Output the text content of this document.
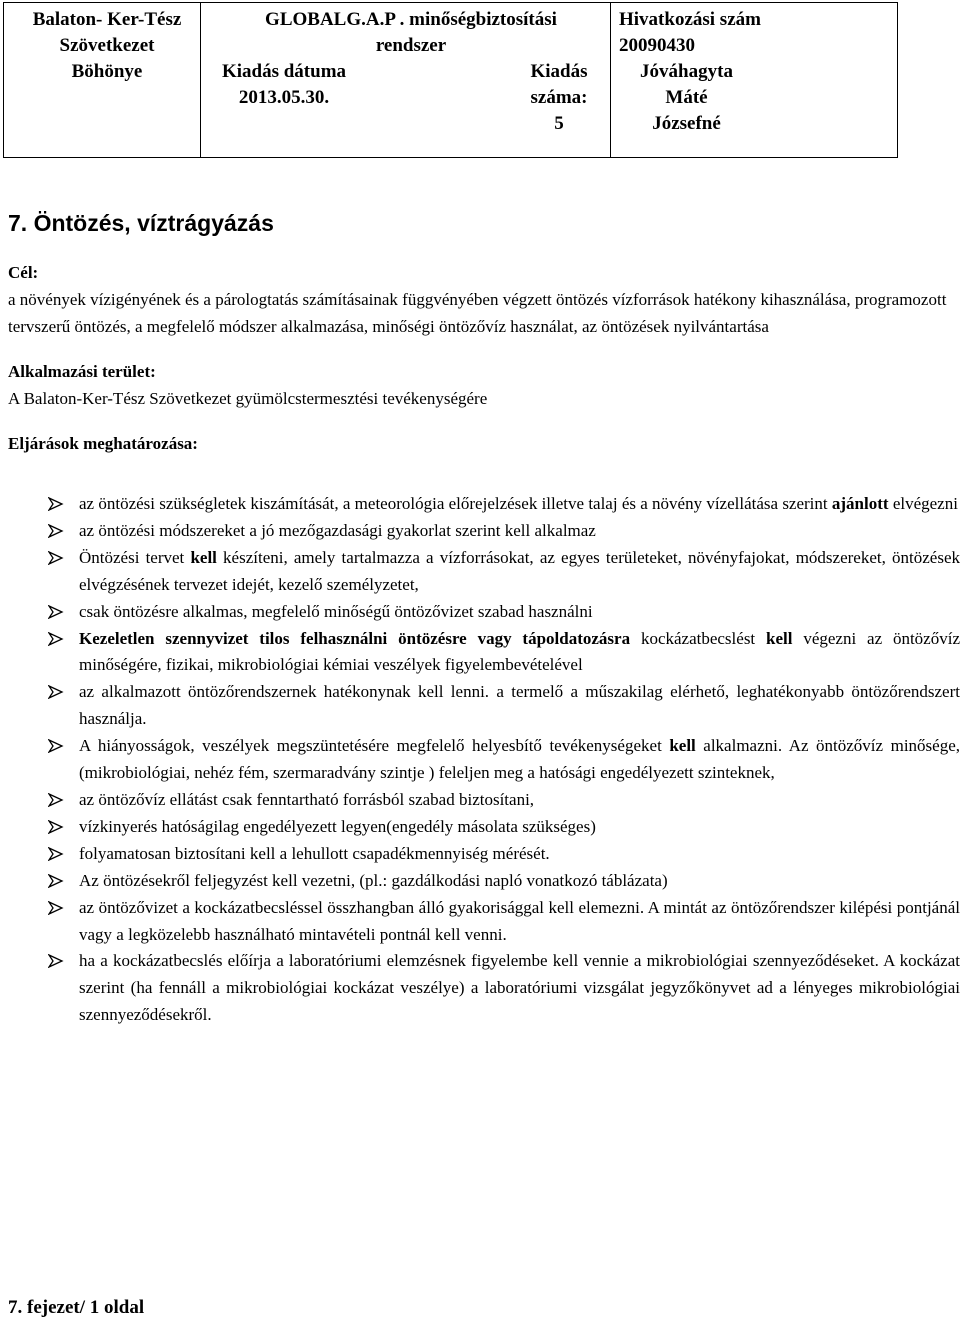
Balaton- Ker-Tész
Szövetkezet
Böhönye
GLOBALG.A.P . minőségbiztosítási
rendszer
Kiadás dátuma
2013.05.30.
Kiadás
száma:
5
Hivatkozási szám
20090430
Jóváhagyta
Máté
Józsefné
7. Öntözés, víztrágyázás

Cél:

a növények vízigényének és a párologtatás számításainak függvényében végzett öntözés vízforrások hatékony kihasználása, programozott tervszerű öntözés, a megfelelő módszer alkalmazása, minőségi öntözővíz használat, az öntözések nyilvántartása

Alkalmazási terület:

A Balaton-Ker-Tész Szövetkezet gyümölcstermesztési tevékenységére

Eljárások meghatározása:

az öntözési szükségletek kiszámítását, a meteorológia előrejelzések illetve talaj és a növény vízellátása szerint ajánlott elvégezni
az öntözési módszereket a jó mezőgazdasági gyakorlat szerint kell alkalmaz
Öntözési tervet kell készíteni, amely tartalmazza a vízforrásokat, az egyes területeket, növényfajokat, módszereket, öntözések elvégzésének tervezet idejét, kezelő személyzetet,
csak öntözésre alkalmas, megfelelő minőségű öntözővizet szabad használni
Kezeletlen szennyvizet tilos felhasználni öntözésre vagy tápoldatozásra kockázatbecslést kell végezni az öntözővíz minőségére, fizikai, mikrobiológiai kémiai veszélyek figyelembevételével
az alkalmazott öntözőrendszernek hatékonynak kell lenni. a termelő a műszakilag elérhető, leghatékonyabb öntözőrendszert használja.
A hiányosságok, veszélyek megszüntetésére megfelelő helyesbítő tevékenységeket kell alkalmazni. Az öntözővíz minősége, (mikrobiológiai, nehéz fém, szermaradvány szintje ) feleljen meg a hatósági engedélyezett szinteknek,
az öntözővíz ellátást csak fenntartható forrásból szabad biztosítani,
vízkinyerés hatóságilag engedélyezett legyen(engedély másolata szükséges)
folyamatosan biztosítani kell a lehullott csapadékmennyiség mérését.
Az öntözésekről feljegyzést kell vezetni, (pl.: gazdálkodási napló vonatkozó táblázata)
az öntözővizet a kockázatbecsléssel összhangban álló gyakorisággal kell elemezni. A mintát az öntözőrendszer kilépési pontjánál vagy a legközelebb használható mintavételi pontnál kell venni.
ha a kockázatbecslés előírja a laboratóriumi elemzésnek figyelembe kell vennie a mikrobiológiai szennyeződéseket. A kockázat szerint (ha fennáll a mikrobiológiai kockázat veszélye) a laboratóriumi vizsgálat jegyzőkönyvet ad a lényeges mikrobiológiai szennyeződésekről.
7. fejezet/ 1 oldal
